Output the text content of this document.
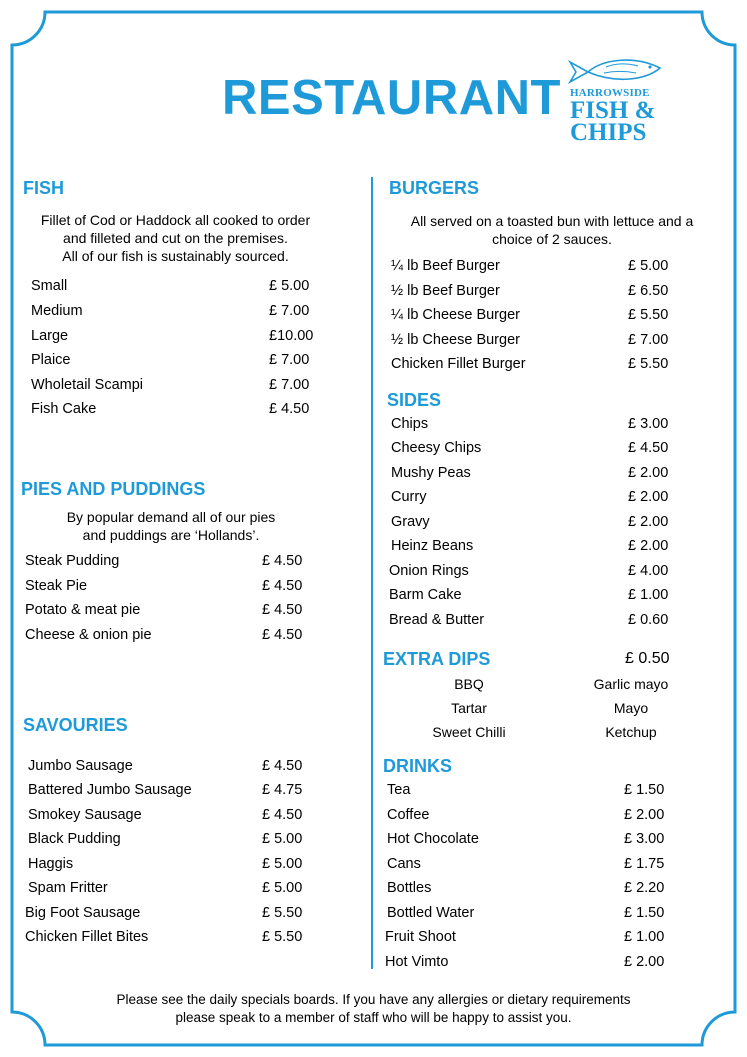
RESTAURANT HARROWSIDE
FISH &
CHIPS
FISH
Fillet of Cod or Haddock all cooked to order
and filleted and cut on the premises.
All of our fish is sustainably sourced.
Small	£ 5.00
Medium	£ 7.00
Large	£10.00
Plaice	£ 7.00
Wholetail Scampi	£ 7.00
Fish Cake	£ 4.50
PIES AND PUDDINGS
By popular demand all of our pies
and puddings are ‘Hollands’.
Steak Pudding	£ 4.50
Steak Pie	£ 4.50
Potato & meat pie	£ 4.50
Cheese & onion pie	£ 4.50
SAVOURIES
Jumbo Sausage	£ 4.50
Battered Jumbo Sausage	£ 4.75
Smokey Sausage	£ 4.50
Black Pudding	£ 5.00
Haggis	£ 5.00
Spam Fritter	£ 5.00
Big Foot Sausage	£ 5.50
Chicken Fillet Bites	£ 5.50
BURGERS
All served on a toasted bun with lettuce and a
choice of 2 sauces.
¼ lb Beef Burger	£ 5.00
½ lb Beef Burger	£ 6.50
¼ lb Cheese Burger	£ 5.50
½ lb Cheese Burger	£ 7.00
Chicken Fillet Burger	£ 5.50
SIDES
Chips	£ 3.00
Cheesy Chips	£ 4.50
Mushy Peas	£ 2.00
Curry	£ 2.00
Gravy	£ 2.00
Heinz Beans	£ 2.00
Onion Rings	£ 4.00
Barm Cake	£ 1.00
Bread & Butter	£ 0.60
EXTRA DIPS	£ 0.50
BBQ	Garlic mayo
Tartar	Mayo
Sweet Chilli	Ketchup
DRINKS
Tea	£ 1.50
Coffee	£ 2.00
Hot Chocolate	£ 3.00
Cans	£ 1.75
Bottles	£ 2.20
Bottled Water	£ 1.50
Fruit Shoot	£ 1.00
Hot Vimto	£ 2.00
Please see the daily specials boards. If you have any allergies or dietary requirements
please speak to a member of staff who will be happy to assist you.
